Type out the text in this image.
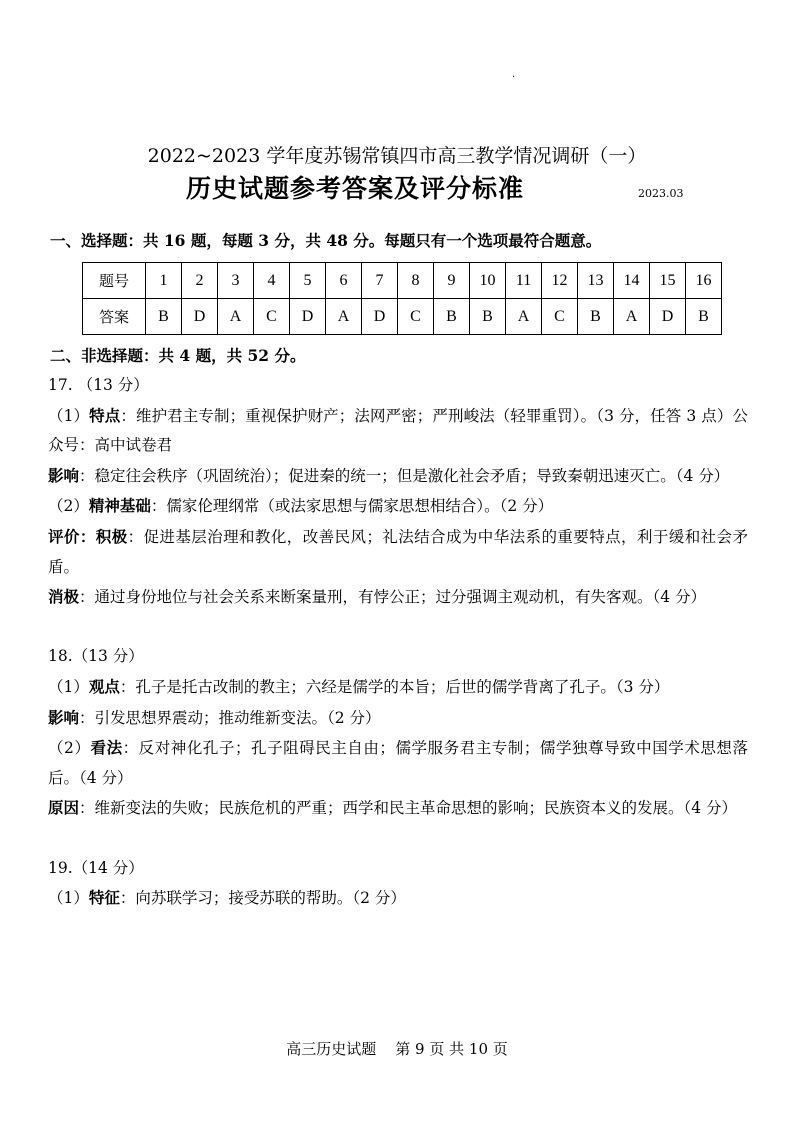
.
2022~2023 学年度苏锡常镇四市高三教学情况调研（一）
历史试题参考答案及评分标准	2023.03
一、选择题：共 16 题，每题 3 分，共 48 分。每题只有一个选项最符合题意。
题号	1	2	3	4	5	6	7	8	9	10	11	12	13	14	15	16
答案	B	D	A	C	D	A	D	C	B	B	A	C	B	A	D	B
二、非选择题：共 4 题，共 52 分。

17. （13 分）

（1）特点：维护君主专制；重视保护财产；法网严密；严刑峻法（轻罪重罚）。（3 分，任答 3 点）公众号：高中试卷君

影响：稳定往会秩序（巩固统治）；促进秦的统一；但是激化社会矛盾；导致秦朝迅速灭亡。（4 分）

（2）精神基础：儒家伦理纲常（或法家思想与儒家思想相结合）。（2 分）

评价：积极：促进基层治理和教化，改善民风；礼法结合成为中华法系的重要特点，利于缓和社会矛盾。

消极：通过身份地位与社会关系来断案量刑，有悖公正；过分强调主观动机，有失客观。（4 分）

18.（13 分）

（1）观点：孔子是托古改制的教主；六经是儒学的本旨；后世的儒学背离了孔子。（3 分）

影响：引发思想界震动；推动维新变法。（2 分）

（2）看法：反对神化孔子；孔子阻碍民主自由；儒学服务君主专制；儒学独尊导致中国学术思想落后。（4 分）

原因：维新变法的失败；民族危机的严重；西学和民主革命思想的影响；民族资本义的发展。（4 分）

19.（14 分）

（1）特征：向苏联学习；接受苏联的帮助。（2 分）

高三历史试题    第 9 页 共 10 页
